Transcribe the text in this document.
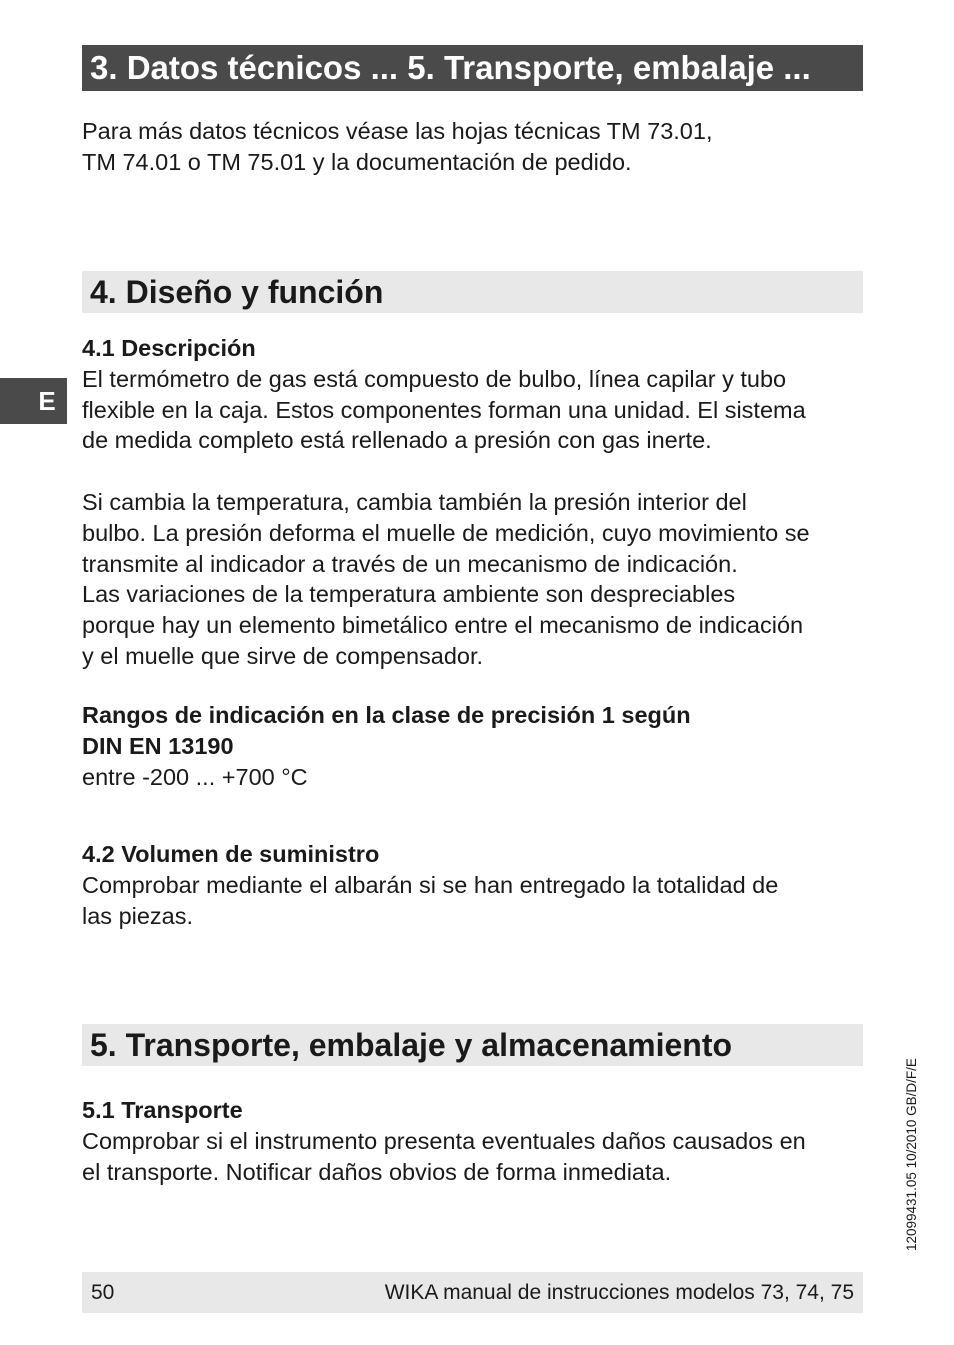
3. Datos técnicos ... 5. Transporte, embalaje ...

Para más datos técnicos véase las hojas técnicas TM 73.01,
TM 74.01 o TM 75.01 y la documentación de pedido.

4. Diseño y función

4.1 Descripción
El termómetro de gas está compuesto de bulbo, línea capilar y tubo
flexible en la caja. Estos componentes forman una unidad. El sistema
de medida completo está rellenado a presión con gas inerte.

Si cambia la temperatura, cambia también la presión interior del
bulbo. La presión deforma el muelle de medición, cuyo movimiento se
transmite al indicador a través de un mecanismo de indicación.
Las variaciones de la temperatura ambiente son despreciables
porque hay un elemento bimetálico entre el mecanismo de indicación
y el muelle que sirve de compensador.

Rangos de indicación en la clase de precisión 1 según
DIN EN 13190
entre -200 ... +700 °C

4.2 Volumen de suministro
Comprobar mediante el albarán si se han entregado la totalidad de
las piezas.

5. Transporte, embalaje y almacenamiento

5.1 Transporte
Comprobar si el instrumento presenta eventuales daños causados en
el transporte. Notificar daños obvios de forma inmediata.

E
12099431.05 10/2010 GB/D/F/E
50	WIKA manual de instrucciones modelos 73, 74, 75
